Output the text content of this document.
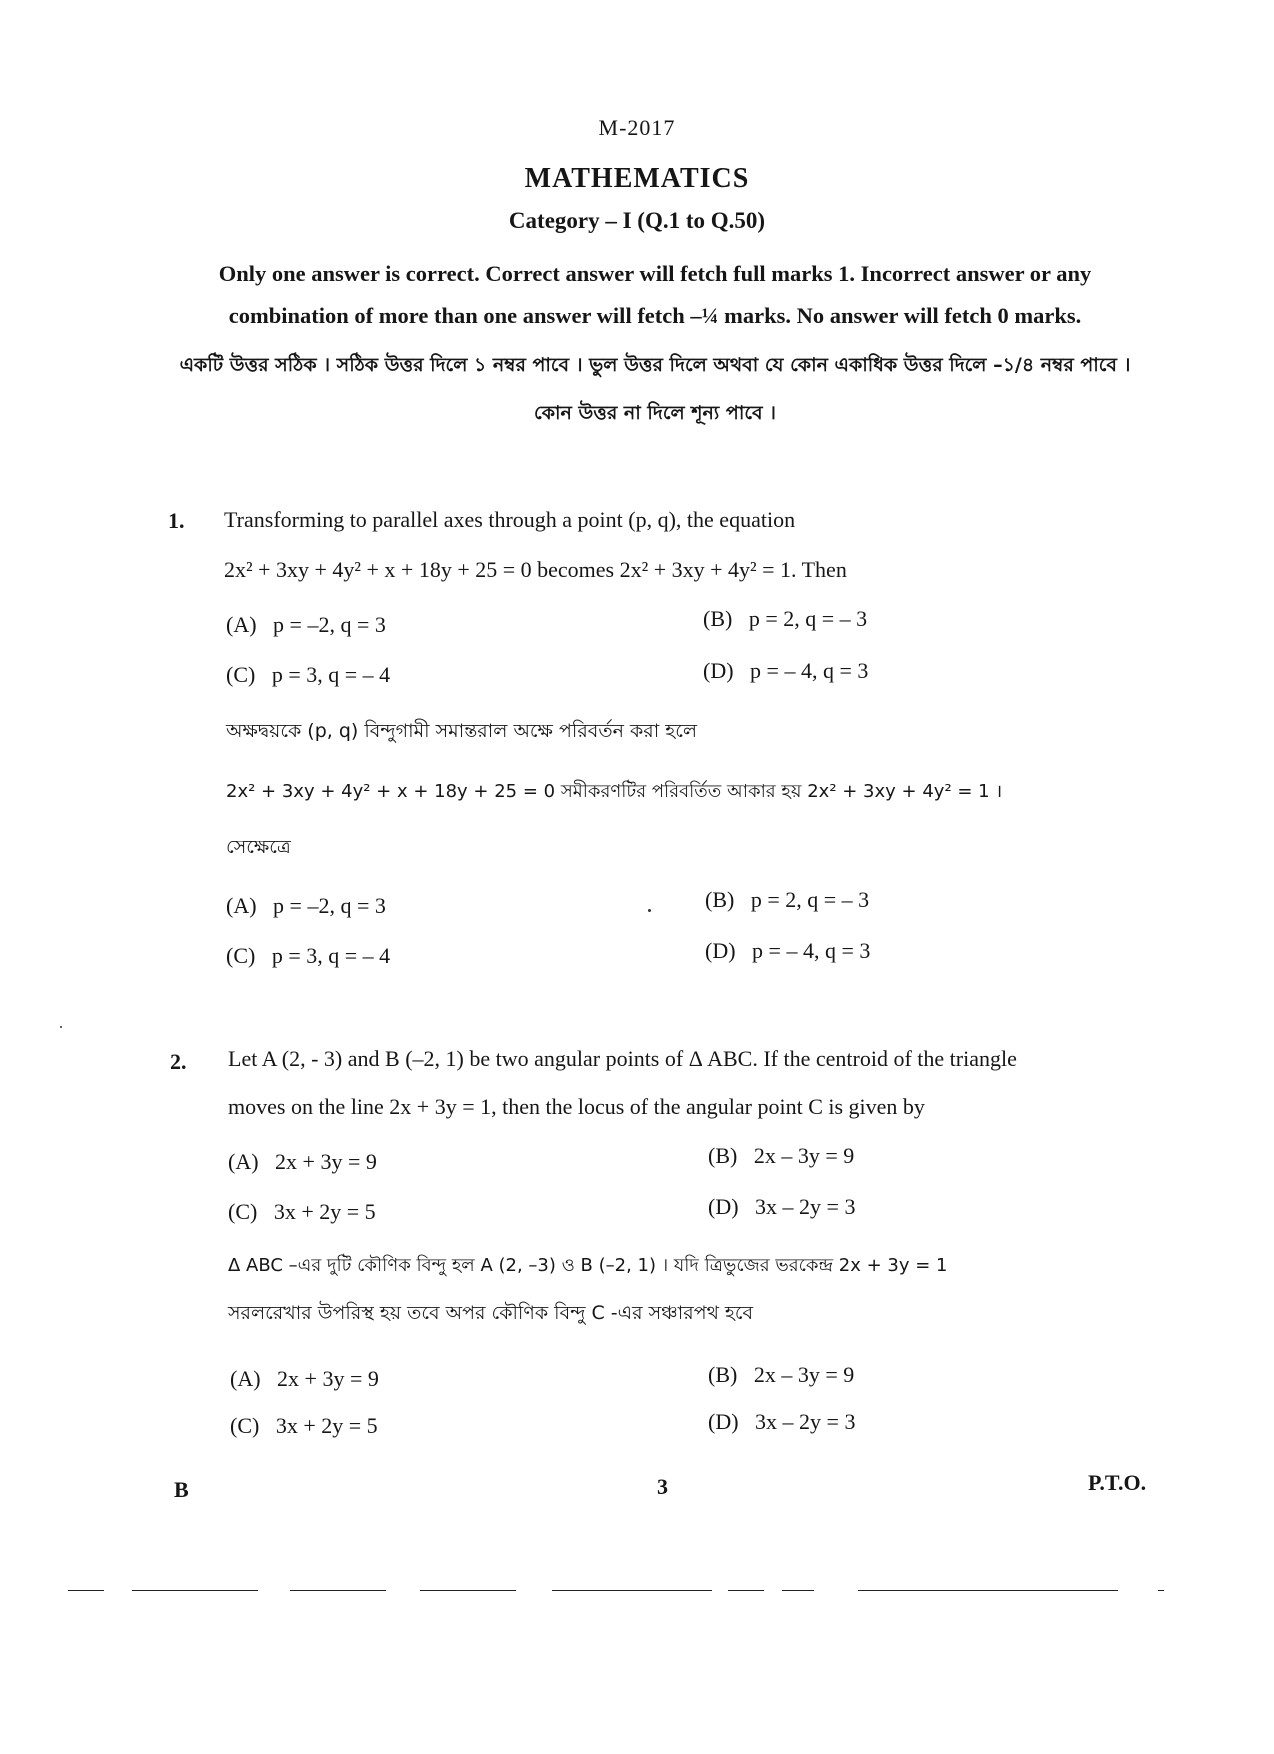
M-2017
MATHEMATICS
Category – I (Q.1 to Q.50)
Only one answer is correct. Correct answer will fetch full marks 1. Incorrect answer or any combination of more than one answer will fetch –¼ marks. No answer will fetch 0 marks.
একটি উত্তর সঠিক । সঠিক উত্তর দিলে ১ নম্বর পাবে । ভুল উত্তর দিলে অথবা যে কোন একাধিক উত্তর দিলে –১/৪ নম্বর পাবে । কোন উত্তর না দিলে শূন্য পাবে ।
1. Transforming to parallel axes through a point (p, q), the equation
2x² + 3xy + 4y² + x + 18y + 25 = 0 becomes 2x² + 3xy + 4y² = 1. Then
(A) p = –2, q = 3	(B) p = 2, q = – 3
(C) p = 3, q = – 4	(D) p = – 4, q = 3
অক্ষদ্বয়কে (p, q) বিন্দুগামী সমান্তরাল অক্ষে পরিবর্তন করা হলে
2x² + 3xy + 4y² + x + 18y + 25 = 0 সমীকরণটির পরিবর্তিত আকার হয় 2x² + 3xy + 4y² = 1 ।
সেক্ষেত্রে
(A) p = –2, q = 3	(B) p = 2, q = – 3
(C) p = 3, q = – 4	(D) p = – 4, q = 3
2. Let A (2, - 3) and B (–2, 1) be two angular points of Δ ABC. If the centroid of the triangle
moves on the line 2x + 3y = 1, then the locus of the angular point C is given by
(A) 2x + 3y = 9	(B) 2x – 3y = 9
(C) 3x + 2y = 5	(D) 3x – 2y = 3
Δ ABC –এর দুটি কৌণিক বিন্দু হল A (2, –3) ও B (–2, 1) । যদি ত্রিভুজের ভরকেন্দ্র 2x + 3y = 1
সরলরেখার উপরিস্থ হয় তবে অপর কৌণিক বিন্দু C -এর সঞ্চারপথ হবে
(A) 2x + 3y = 9	(B) 2x – 3y = 9
(C) 3x + 2y = 5	(D) 3x – 2y = 3
B	3	P.T.O.
